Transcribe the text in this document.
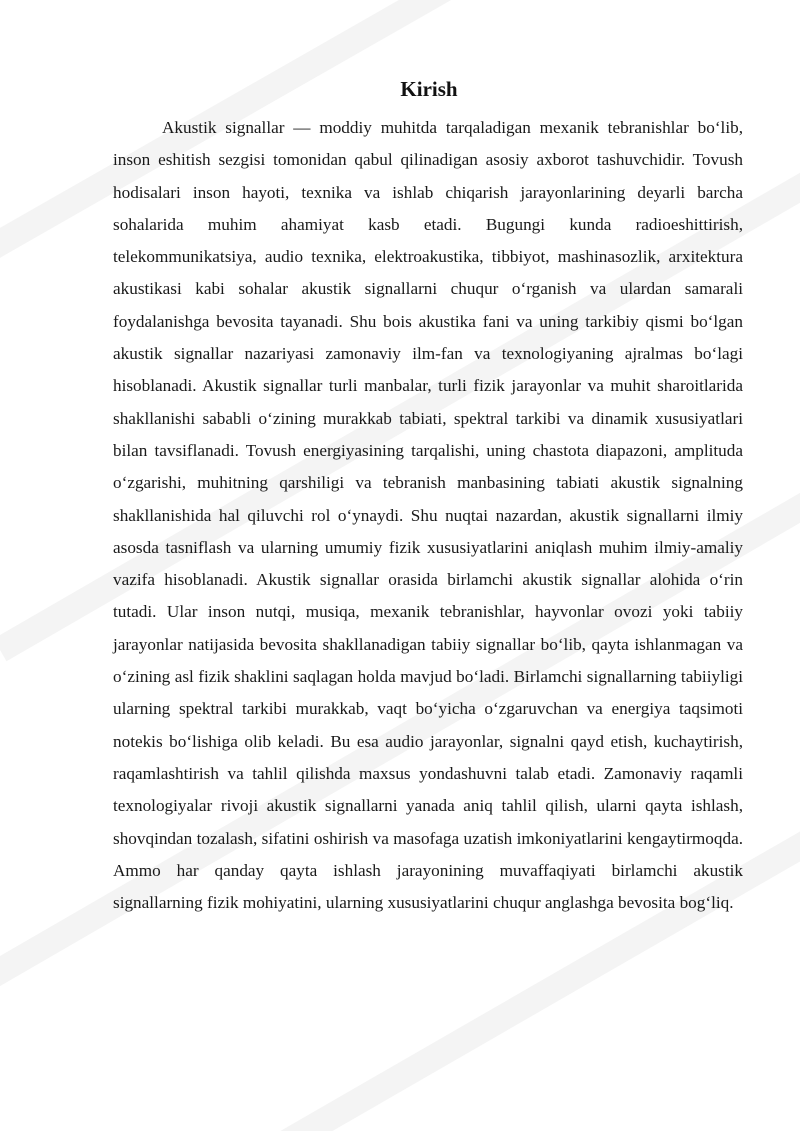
Kirish

Akustik signallar — moddiy muhitda tarqaladigan mexanik tebranishlar bo‘lib, inson eshitish sezgisi tomonidan qabul qilinadigan asosiy axborot tashuvchidir. Tovush hodisalari inson hayoti, texnika va ishlab chiqarish jarayonlarining deyarli barcha sohalarida muhim ahamiyat kasb etadi. Bugungi kunda radioeshittirish, telekommunikatsiya, audio texnika, elektroakustika, tibbiyot, mashinasozlik, arxitektura akustikasi kabi sohalar akustik signallarni chuqur o‘rganish va ulardan samarali foydalanishga bevosita tayanadi. Shu bois akustika fani va uning tarkibiy qismi bo‘lgan akustik signallar nazariyasi zamonaviy ilm-fan va texnologiyaning ajralmas bo‘lagi hisoblanadi. Akustik signallar turli manbalar, turli fizik jarayonlar va muhit sharoitlarida shakllanishi sababli o‘zining murakkab tabiati, spektral tarkibi va dinamik xususiyatlari bilan tavsiflanadi. Tovush energiyasining tarqalishi, uning chastota diapazoni, amplituda o‘zgarishi, muhitning qarshiligi va tebranish manbasining tabiati akustik signalning shakllanishida hal qiluvchi rol o‘ynaydi. Shu nuqtai nazardan, akustik signallarni ilmiy asosda tasniflash va ularning umumiy fizik xususiyatlarini aniqlash muhim ilmiy-amaliy vazifa hisoblanadi. Akustik signallar orasida birlamchi akustik signallar alohida o‘rin tutadi. Ular inson nutqi, musiqa, mexanik tebranishlar, hayvonlar ovozi yoki tabiiy jarayonlar natijasida bevosita shakllanadigan tabiiy signallar bo‘lib, qayta ishlanmagan va o‘zining asl fizik shaklini saqlagan holda mavjud bo‘ladi. Birlamchi signallarning tabiiyligi ularning spektral tarkibi murakkab, vaqt bo‘yicha o‘zgaruvchan va energiya taqsimoti notekis bo‘lishiga olib keladi. Bu esa audio jarayonlar, signalni qayd etish, kuchaytirish, raqamlashtirish va tahlil qilishda maxsus yondashuvni talab etadi. Zamonaviy raqamli texnologiyalar rivoji akustik signallarni yanada aniq tahlil qilish, ularni qayta ishlash, shovqindan tozalash, sifatini oshirish va masofaga uzatish imkoniyatlarini kengaytirmoqda. Ammo har qanday qayta ishlash jarayonining muvaffaqiyati birlamchi akustik signallarning fizik mohiyatini, ularning xususiyatlarini chuqur anglashga bevosita bog‘liq.
